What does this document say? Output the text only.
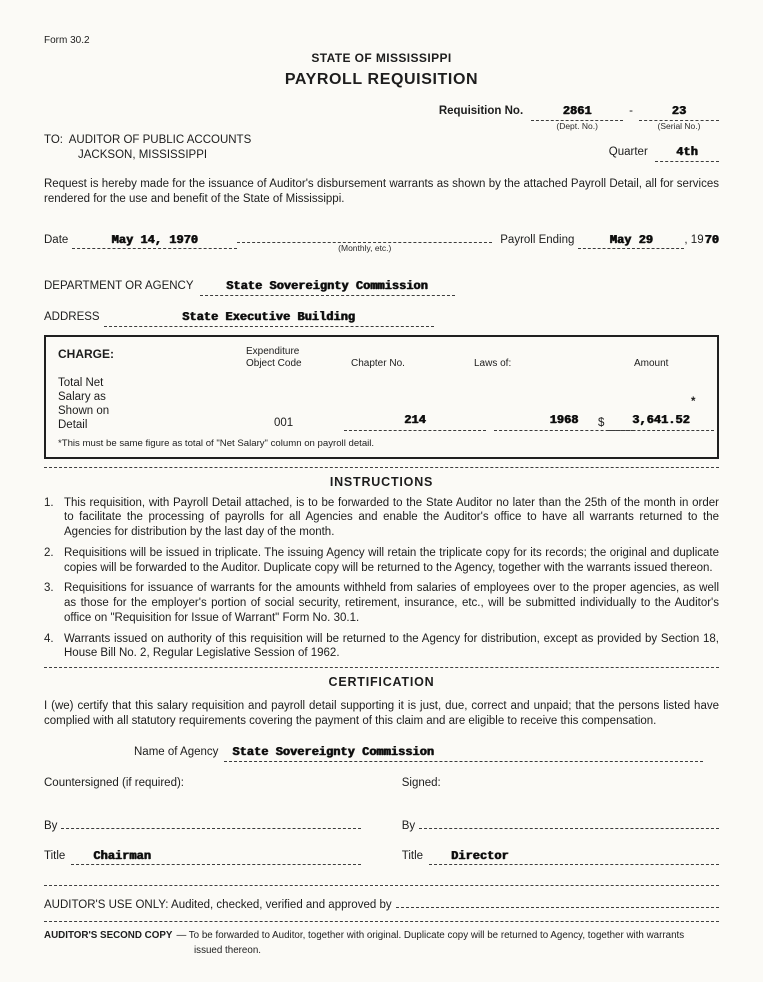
Form 30.2
STATE OF MISSISSIPPI
PAYROLL REQUISITION
Requisition No.	2861
(Dept. No.)
-	23
(Serial No.)
TO:  AUDITOR OF PUBLIC ACCOUNTS
JACKSON, MISSISSIPPI	Quarter 4th

Request is hereby made for the issuance of Auditor's disbursement warrants as shown by the attached Payroll Detail, all for services rendered for the use and benefit of the State of Mississippi.

Date	May 14, 1970
(Monthly, etc.)
Payroll Ending	May 29	, 19 70
DEPARTMENT OR AGENCY	State Sovereignty Commission
ADDRESS	State Executive Building
CHARGE:	Expenditure
Object Code	Chapter No.	Laws of:	Amount
Total Net
Salary as
Shown on
Detail
*
001	214	1968	$	3,641.52
*This must be same figure as total of "Net Salary" column on payroll detail.
INSTRUCTIONS
1. This requisition, with Payroll Detail attached, is to be forwarded to the State Auditor no later than the 25th of the month in order to facilitate the processing of payrolls for all Agencies and enable the Auditor's office to have all warrants returned to the Agencies for distribution by the last day of the month.
2. Requisitions will be issued in triplicate. The issuing Agency will retain the triplicate copy for its records; the original and duplicate copies will be forwarded to the Auditor. Duplicate copy will be returned to the Agency, together with the warrants issued thereon.
3. Requisitions for issuance of warrants for the amounts withheld from salaries of employees over to the proper agencies, as well as those for the employer's portion of social security, retirement, insurance, etc., will be submitted individually to the Auditor's office on "Requisition for Issue of Warrant" Form No. 30.1.
4. Warrants issued on authority of this requisition will be returned to the Agency for distribution, except as provided by Section 18, House Bill No. 2, Regular Legislative Session of 1962.
CERTIFICATION

I (we) certify that this salary requisition and payroll detail supporting it is just, due, correct and unpaid; that the persons listed have complied with all statutory requirements covering the payment of this claim and are eligible to receive this compensation.

Name of Agency	State Sovereignty Commission
Countersigned (if required):
By
Title	Chairman
Signed:
By
Title	Director
AUDITOR'S USE ONLY: Audited, checked, verified and approved by
AUDITOR'S SECOND COPY — To be forwarded to Auditor, together with original. Duplicate copy will be returned to Agency, together with warrants issued thereon.
